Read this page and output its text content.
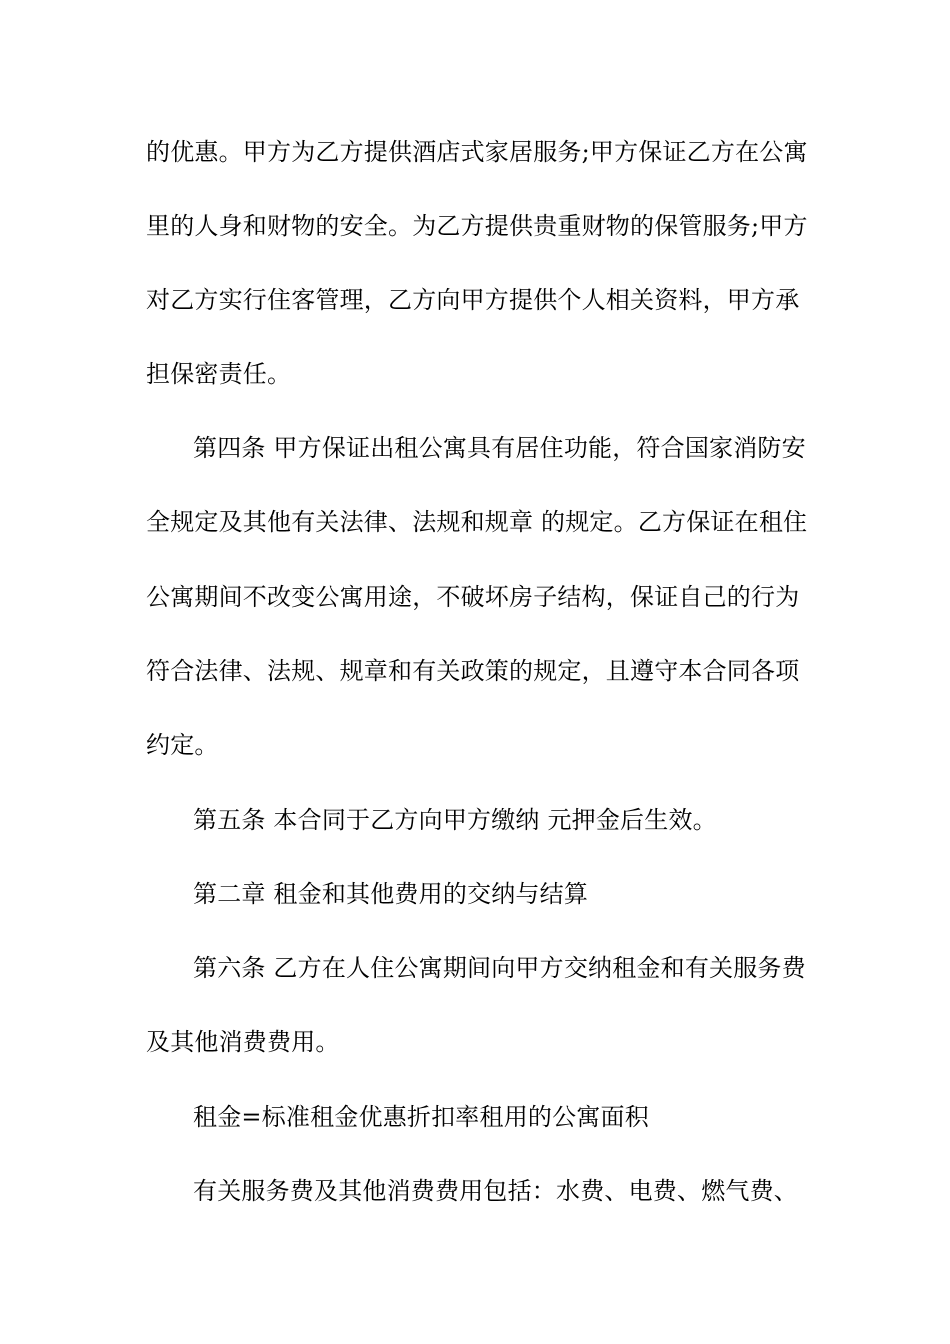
的优惠。甲方为乙方提供酒店式家居服务;甲方保证乙方在公寓
里的人身和财物的安全。为乙方提供贵重财物的保管服务;甲方
对乙方实行住客管理，乙方向甲方提供个人相关资料，甲方承
担保密责任。
第四条 甲方保证出租公寓具有居住功能，符合国家消防安
全规定及其他有关法律、法规和规章 的规定。乙方保证在租住
公寓期间不改变公寓用途，不破坏房子结构，保证自己的行为
符合法律、法规、规章和有关政策的规定，且遵守本合同各项
约定。
第五条 本合同于乙方向甲方缴纳 元押金后生效。
第二章 租金和其他费用的交纳与结算
第六条 乙方在人住公寓期间向甲方交纳租金和有关服务费
及其他消费费用。
租金=标准租金优惠折扣率租用的公寓面积
有关服务费及其他消费费用包括：水费、电费、燃气费、
